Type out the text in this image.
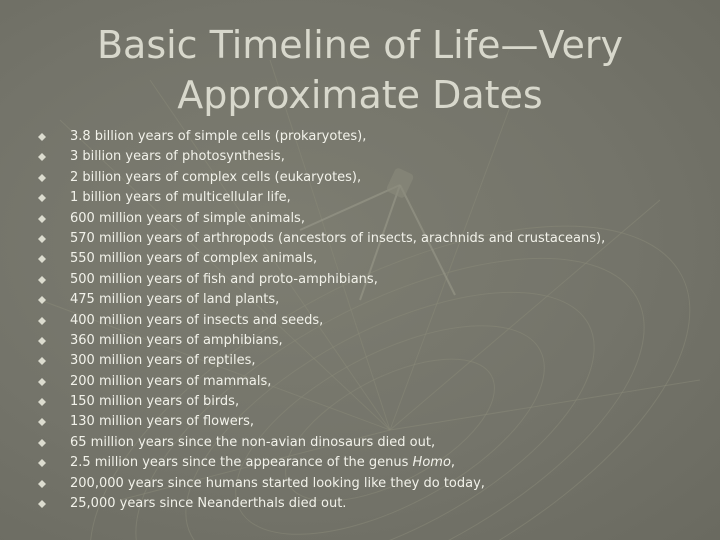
Basic Timeline of Life—Very
Approximate Dates
3.8 billion years of simple cells (prokaryotes),
3 billion years of photosynthesis,
2 billion years of complex cells (eukaryotes),
1 billion years of multicellular life,
600 million years of simple animals,
570 million years of arthropods (ancestors of insects, arachnids and crustaceans),
550 million years of complex animals,
500 million years of fish and proto-amphibians,
475 million years of land plants,
400 million years of insects and seeds,
360 million years of amphibians,
300 million years of reptiles,
200 million years of mammals,
150 million years of birds,
130 million years of flowers,
65 million years since the non-avian dinosaurs died out,
2.5 million years since the appearance of the genus Homo,
200,000 years since humans started looking like they do today,
25,000 years since Neanderthals died out.
